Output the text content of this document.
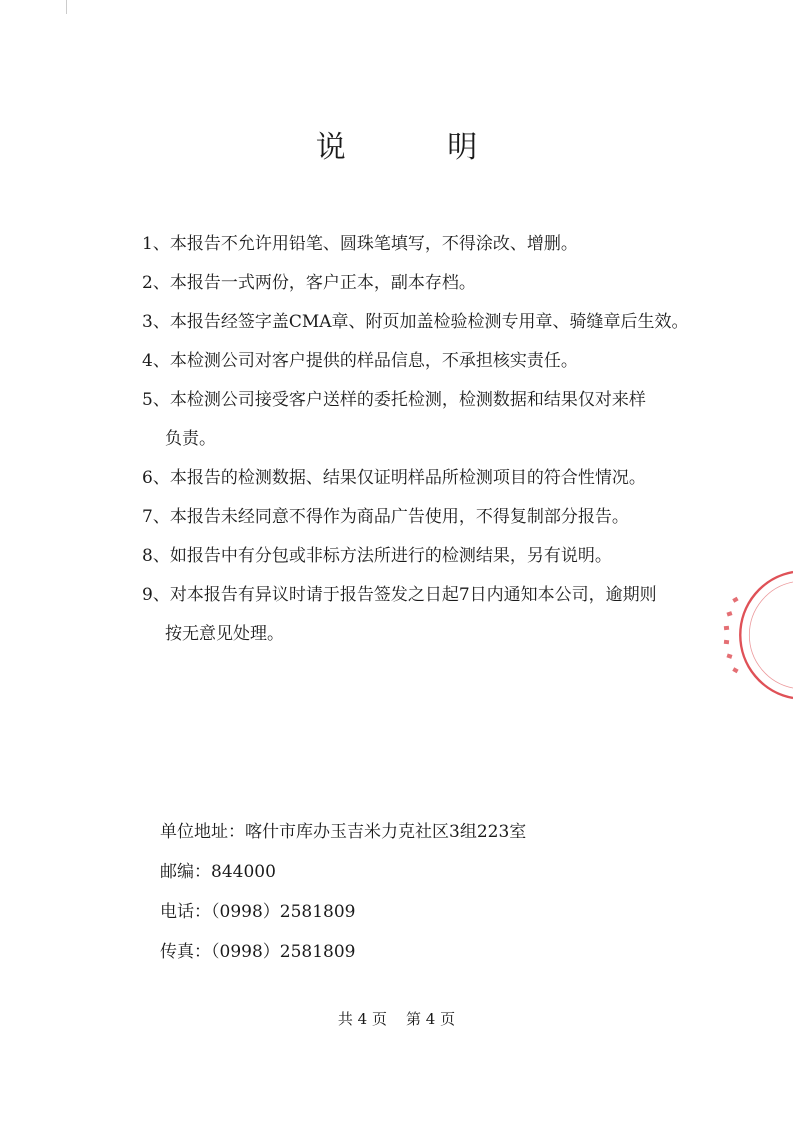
说 明
1、本报告不允许用铅笔、圆珠笔填写，不得涂改、增删。
2、本报告一式两份，客户正本，副本存档。
3、本报告经签字盖CMA章、附页加盖检验检测专用章、骑缝章后生效。
4、本检测公司对客户提供的样品信息，不承担核实责任。
5、本检测公司接受客户送样的委托检测，检测数据和结果仅对来样
负责。
6、本报告的检测数据、结果仅证明样品所检测项目的符合性情况。
7、本报告未经同意不得作为商品广告使用，不得复制部分报告。
8、如报告中有分包或非标方法所进行的检测结果，另有说明。
9、对本报告有异议时请于报告签发之日起7日内通知本公司，逾期则
按无意见处理。
单位地址：喀什市库办玉吉米力克社区3组223室
邮编：844000
电话：（0998）2581809
传真：（0998）2581809
共 4 页 第 4 页
